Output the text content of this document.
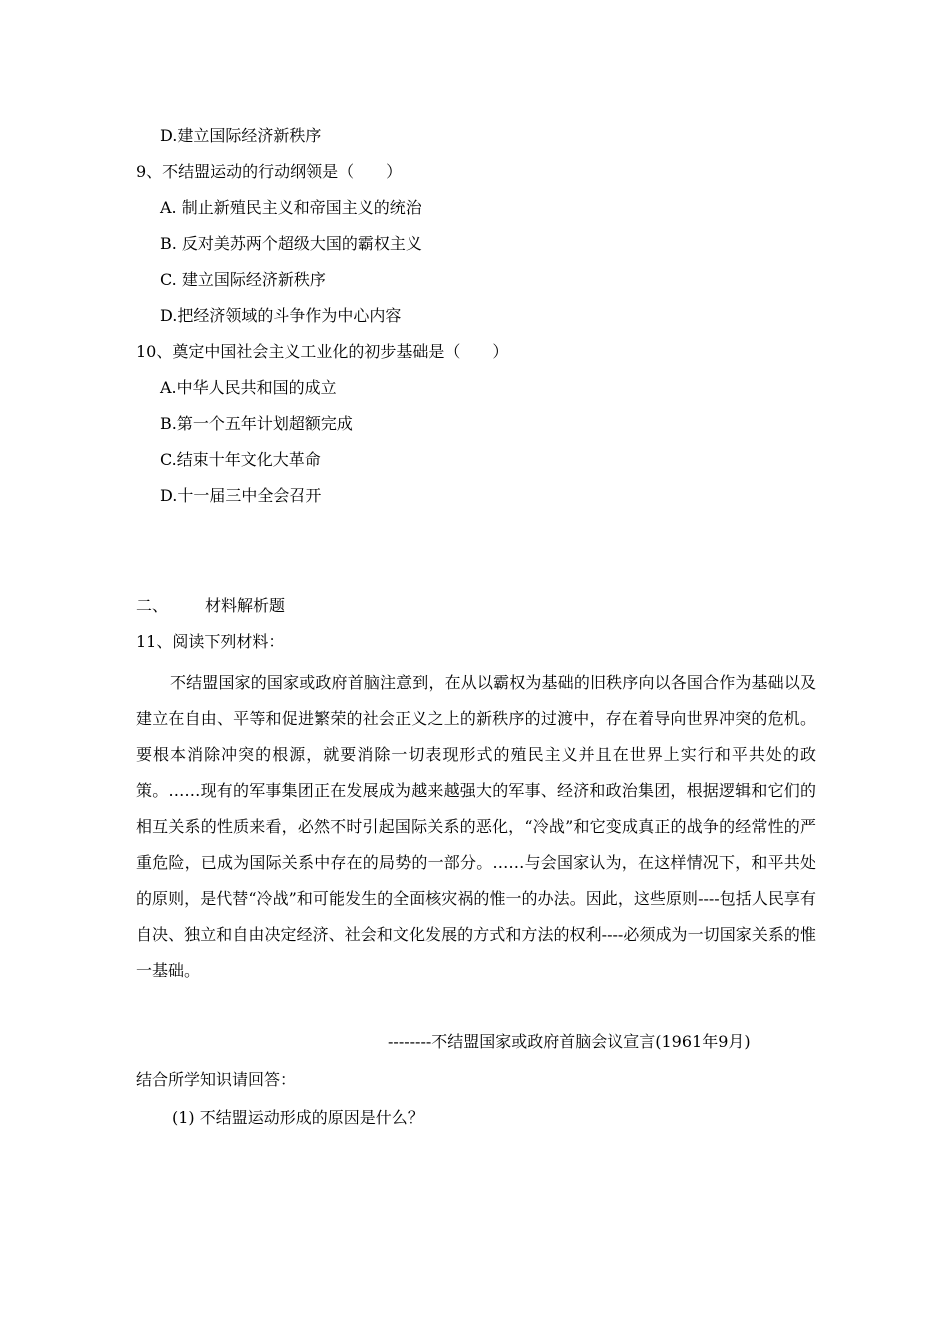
D.建立国际经济新秩序
9、不结盟运动的行动纲领是（　　）
A. 制止新殖民主义和帝国主义的统治
B. 反对美苏两个超级大国的霸权主义
C. 建立国际经济新秩序
D.把经济领域的斗争作为中心内容
10、奠定中国社会主义工业化的初步基础是（　　）
A.中华人民共和国的成立
B.第一个五年计划超额完成
C.结束十年文化大革命
D.十一届三中全会召开
二、 材料解析题
11、阅读下列材料：
不结盟国家的国家或政府首脑注意到，在从以霸权为基础的旧秩序向以各国合作为基础以及建立在自由、平等和促进繁荣的社会正义之上的新秩序的过渡中，存在着导向世界冲突的危机。要根本消除冲突的根源，就要消除一切表现形式的殖民主义并且在世界上实行和平共处的政策。……现有的军事集团正在发展成为越来越强大的军事、经济和政治集团，根据逻辑和它们的相互关系的性质来看，必然不时引起国际关系的恶化，“冷战”和它变成真正的战争的经常性的严重危险，已成为国际关系中存在的局势的一部分。……与会国家认为，在这样情况下，和平共处的原则，是代替“冷战”和可能发生的全面核灾祸的惟一的办法。因此，这些原则----包括人民享有自决、独立和自由决定经济、社会和文化发展的方式和方法的权利----必须成为一切国家关系的惟一基础。
--------不结盟国家或政府首脑会议宣言(1961年9月)
结合所学知识请回答：
(1) 不结盟运动形成的原因是什么？
